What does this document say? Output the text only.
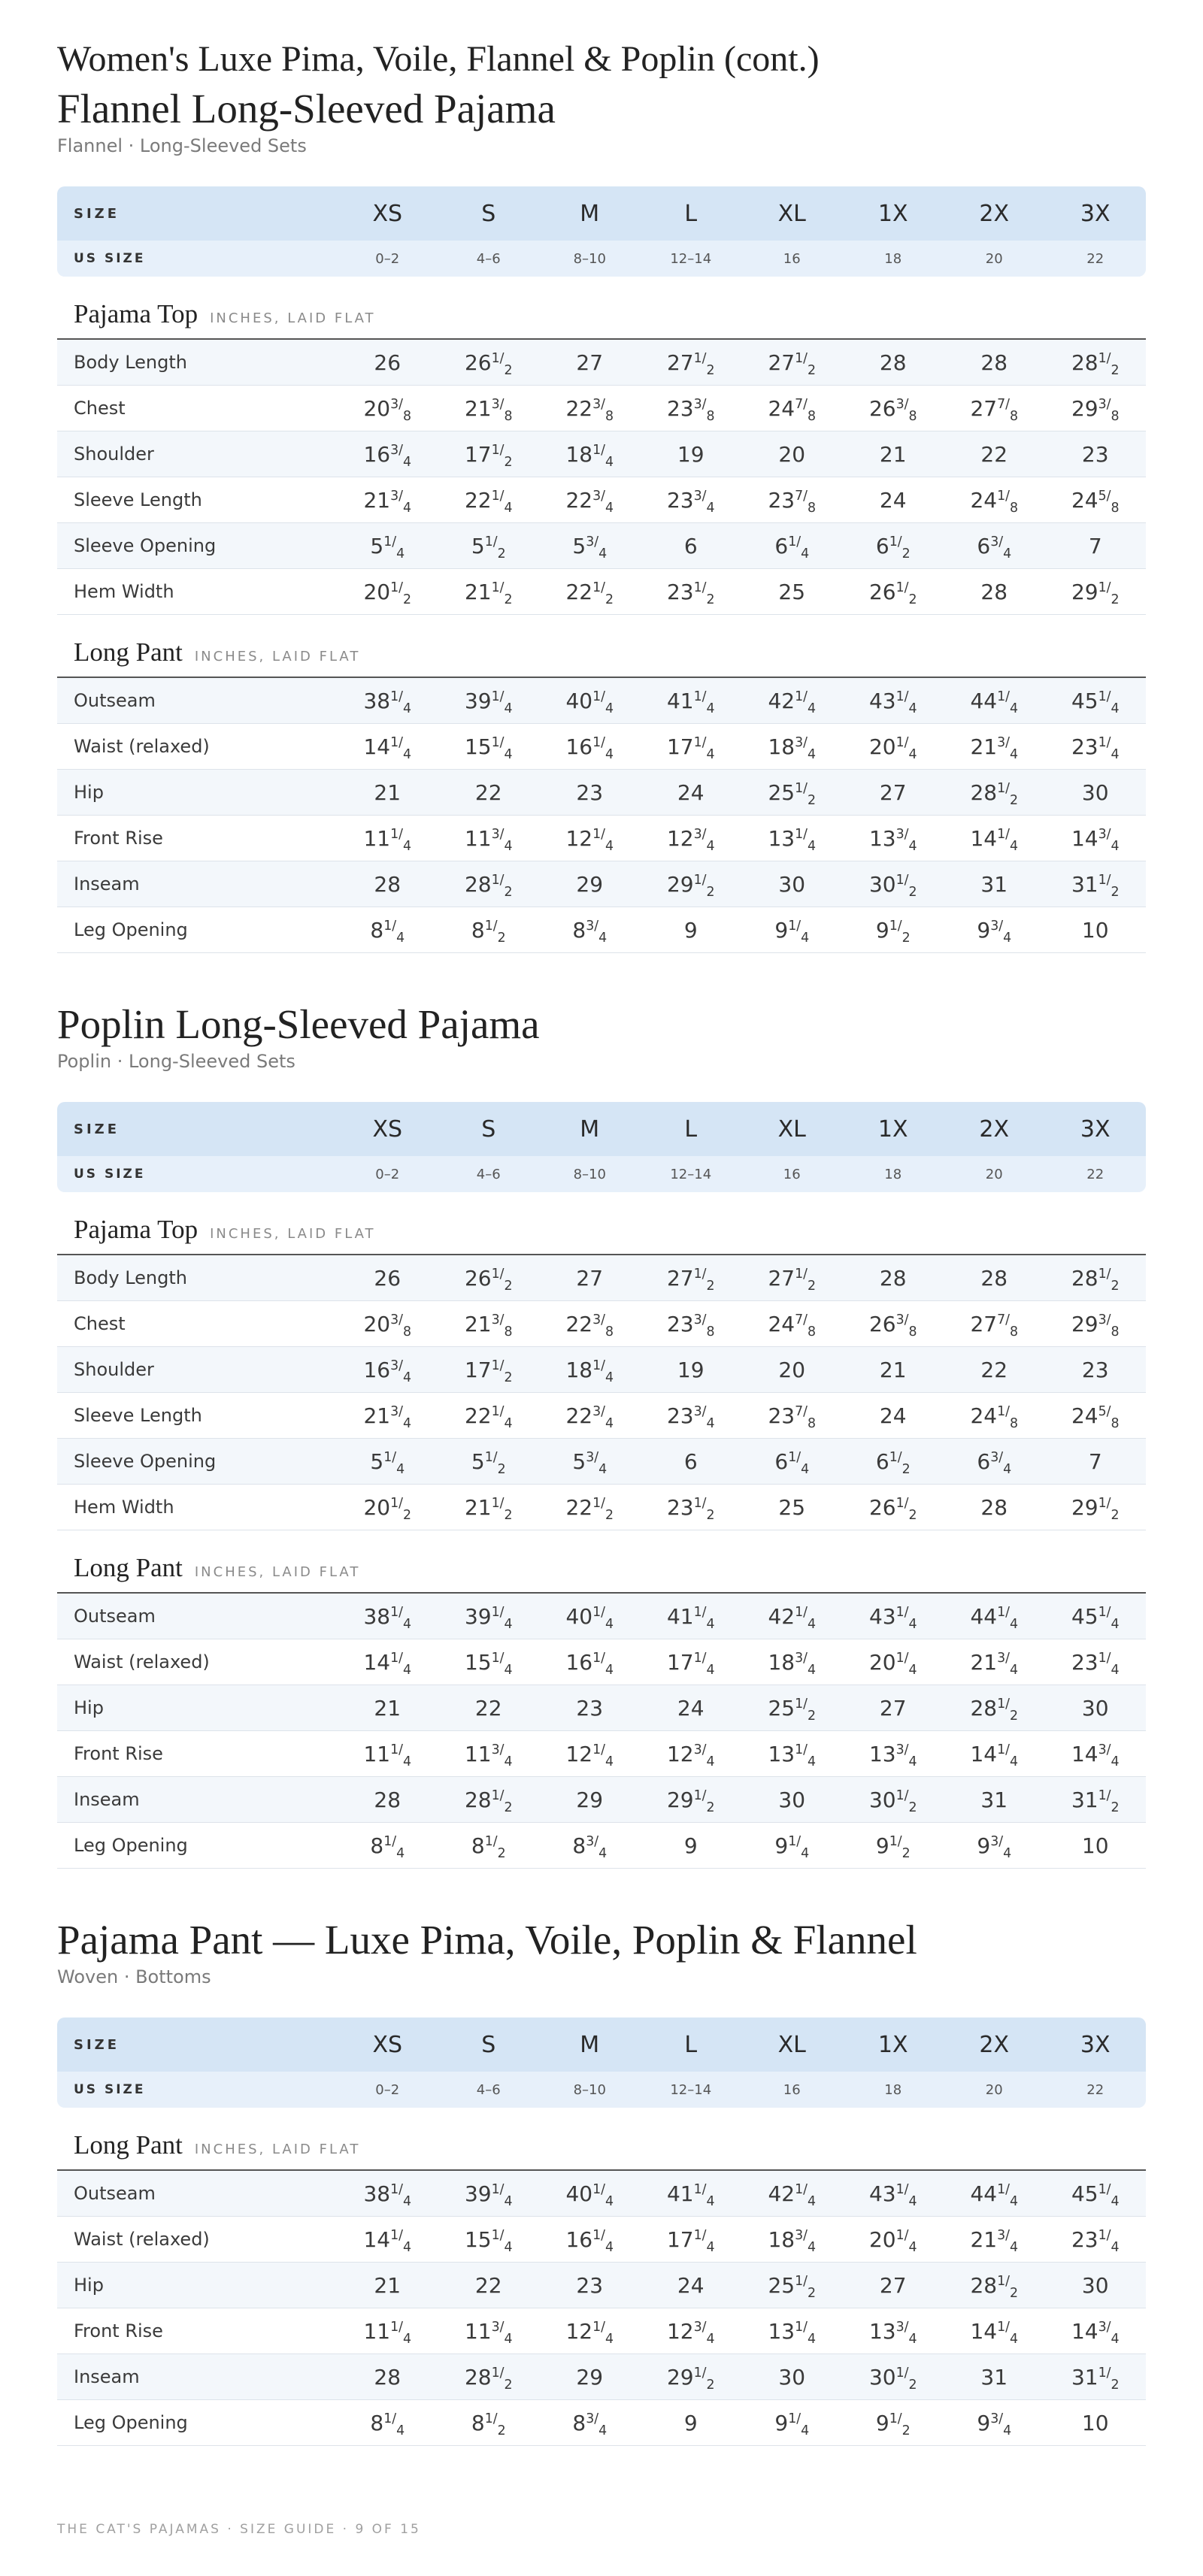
Women's Luxe Pima, Voile, Flannel & Poplin (cont.)
Flannel Long-Sleeved Pajama
Flannel · Long-Sleeved Sets
SIZE	XS	S	M	L	XL	1X	2X	3X
US SIZE	0–2	4–6	8–10	12–14	16	18	20	22
Pajama Top INCHES, LAID FLAT
Body Length	26	$26^{1/2}$	27	$27^{1/2}$	$27^{1/2}$	28	28	$28^{1/2}$
Chest	$20^{3/8}$	$21^{3/8}$	$22^{3/8}$	$23^{3/8}$	$24^{7/8}$	$26^{3/8}$	$27^{7/8}$	$29^{3/8}$
Shoulder	$16^{3/4}$	$17^{1/2}$	$18^{1/4}$	19	20	21	22	23
Sleeve Length	$21^{3/4}$	$22^{1/4}$	$22^{3/4}$	$23^{3/4}$	$23^{7/8}$	24	$24^{1/8}$	$24^{5/8}$
Sleeve Opening	$5^{1/4}$	$5^{1/2}$	$5^{3/4}$	6	$6^{1/4}$	$6^{1/2}$	$6^{3/4}$	7
Hem Width	$20^{1/2}$	$21^{1/2}$	$22^{1/2}$	$23^{1/2}$	25	$26^{1/2}$	28	$29^{1/2}$
Long Pant INCHES, LAID FLAT
Outseam	$38^{1/4}$	$39^{1/4}$	$40^{1/4}$	$41^{1/4}$	$42^{1/4}$	$43^{1/4}$	$44^{1/4}$	$45^{1/4}$
Waist (relaxed)	$14^{1/4}$	$15^{1/4}$	$16^{1/4}$	$17^{1/4}$	$18^{3/4}$	$20^{1/4}$	$21^{3/4}$	$23^{1/4}$
Hip	21	22	23	24	$25^{1/2}$	27	$28^{1/2}$	30
Front Rise	$11^{1/4}$	$11^{3/4}$	$12^{1/4}$	$12^{3/4}$	$13^{1/4}$	$13^{3/4}$	$14^{1/4}$	$14^{3/4}$
Inseam	28	$28^{1/2}$	29	$29^{1/2}$	30	$30^{1/2}$	31	$31^{1/2}$
Leg Opening	$8^{1/4}$	$8^{1/2}$	$8^{3/4}$	9	$9^{1/4}$	$9^{1/2}$	$9^{3/4}$	10
Poplin Long-Sleeved Pajama
Poplin · Long-Sleeved Sets
SIZE	XS	S	M	L	XL	1X	2X	3X
US SIZE	0–2	4–6	8–10	12–14	16	18	20	22
Pajama Top INCHES, LAID FLAT
Body Length	26	$26^{1/2}$	27	$27^{1/2}$	$27^{1/2}$	28	28	$28^{1/2}$
Chest	$20^{3/8}$	$21^{3/8}$	$22^{3/8}$	$23^{3/8}$	$24^{7/8}$	$26^{3/8}$	$27^{7/8}$	$29^{3/8}$
Shoulder	$16^{3/4}$	$17^{1/2}$	$18^{1/4}$	19	20	21	22	23
Sleeve Length	$21^{3/4}$	$22^{1/4}$	$22^{3/4}$	$23^{3/4}$	$23^{7/8}$	24	$24^{1/8}$	$24^{5/8}$
Sleeve Opening	$5^{1/4}$	$5^{1/2}$	$5^{3/4}$	6	$6^{1/4}$	$6^{1/2}$	$6^{3/4}$	7
Hem Width	$20^{1/2}$	$21^{1/2}$	$22^{1/2}$	$23^{1/2}$	25	$26^{1/2}$	28	$29^{1/2}$
Long Pant INCHES, LAID FLAT
Outseam	$38^{1/4}$	$39^{1/4}$	$40^{1/4}$	$41^{1/4}$	$42^{1/4}$	$43^{1/4}$	$44^{1/4}$	$45^{1/4}$
Waist (relaxed)	$14^{1/4}$	$15^{1/4}$	$16^{1/4}$	$17^{1/4}$	$18^{3/4}$	$20^{1/4}$	$21^{3/4}$	$23^{1/4}$
Hip	21	22	23	24	$25^{1/2}$	27	$28^{1/2}$	30
Front Rise	$11^{1/4}$	$11^{3/4}$	$12^{1/4}$	$12^{3/4}$	$13^{1/4}$	$13^{3/4}$	$14^{1/4}$	$14^{3/4}$
Inseam	28	$28^{1/2}$	29	$29^{1/2}$	30	$30^{1/2}$	31	$31^{1/2}$
Leg Opening	$8^{1/4}$	$8^{1/2}$	$8^{3/4}$	9	$9^{1/4}$	$9^{1/2}$	$9^{3/4}$	10
Pajama Pant — Luxe Pima, Voile, Poplin & Flannel
Woven · Bottoms
SIZE	XS	S	M	L	XL	1X	2X	3X
US SIZE	0–2	4–6	8–10	12–14	16	18	20	22
Long Pant INCHES, LAID FLAT
Outseam	$38^{1/4}$	$39^{1/4}$	$40^{1/4}$	$41^{1/4}$	$42^{1/4}$	$43^{1/4}$	$44^{1/4}$	$45^{1/4}$
Waist (relaxed)	$14^{1/4}$	$15^{1/4}$	$16^{1/4}$	$17^{1/4}$	$18^{3/4}$	$20^{1/4}$	$21^{3/4}$	$23^{1/4}$
Hip	21	22	23	24	$25^{1/2}$	27	$28^{1/2}$	30
Front Rise	$11^{1/4}$	$11^{3/4}$	$12^{1/4}$	$12^{3/4}$	$13^{1/4}$	$13^{3/4}$	$14^{1/4}$	$14^{3/4}$
Inseam	28	$28^{1/2}$	29	$29^{1/2}$	30	$30^{1/2}$	31	$31^{1/2}$
Leg Opening	$8^{1/4}$	$8^{1/2}$	$8^{3/4}$	9	$9^{1/4}$	$9^{1/2}$	$9^{3/4}$	10
THE CAT'S PAJAMAS · SIZE GUIDE · 9 OF 15
